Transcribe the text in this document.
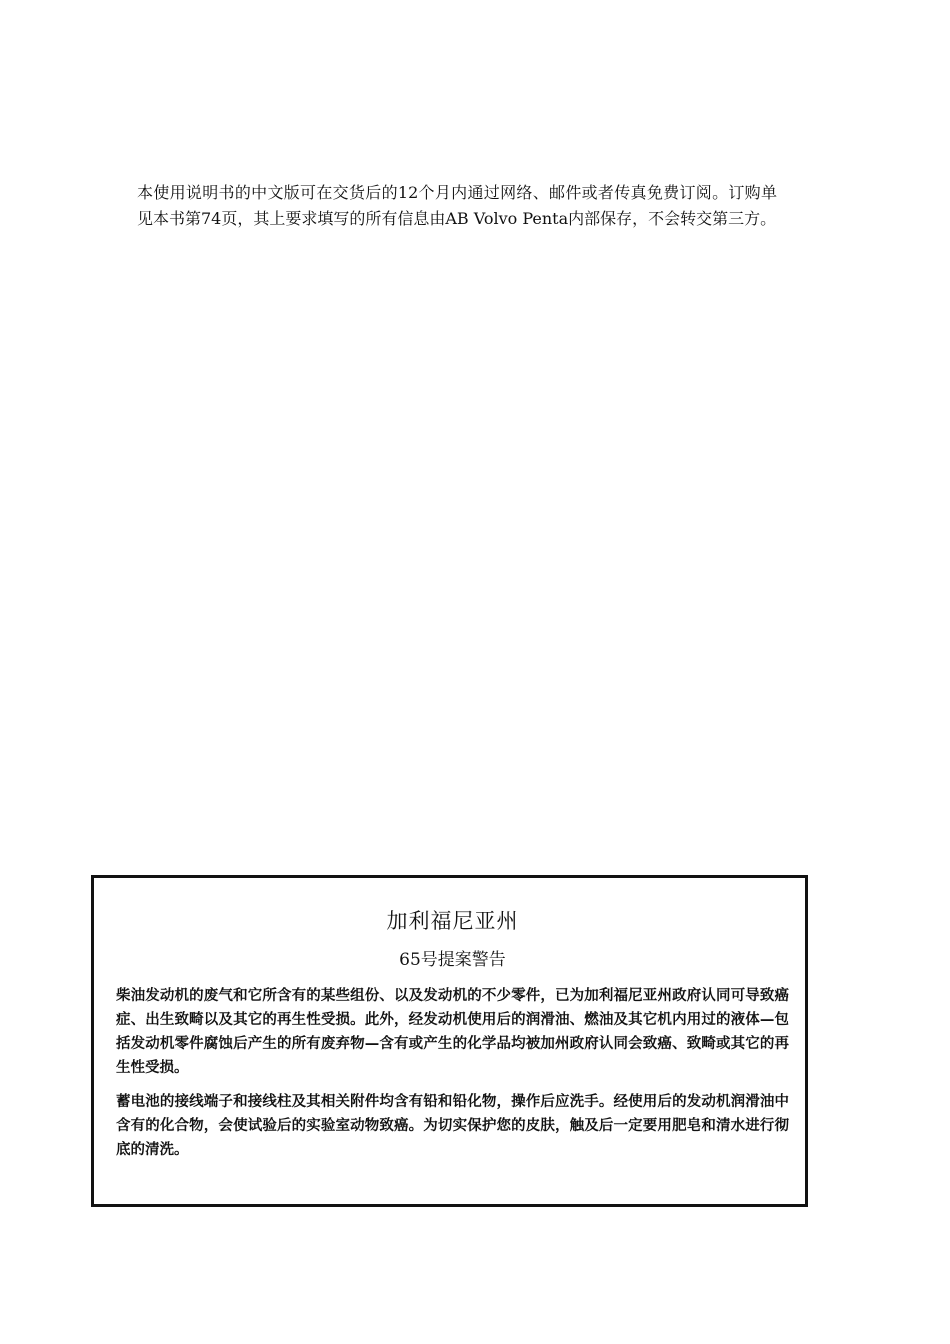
本使用说明书的中文版可在交货后的12个月内通过网络、邮件或者传真免费订阅。订购单见本书第74页，其上要求填写的所有信息由AB Volvo Penta内部保存，不会转交第三方。

加利福尼亚州
65号提案警告

柴油发动机的废气和它所含有的某些组份、以及发动机的不少零件，已为加利福尼亚州政府认同可导致癌症、出生致畸以及其它的再生性受损。此外，经发动机使用后的润滑油、燃油及其它机内用过的液体—包括发动机零件腐蚀后产生的所有废弃物—含有或产生的化学品均被加州政府认同会致癌、致畸或其它的再生性受损。

蓄电池的接线端子和接线柱及其相关附件均含有铅和铅化物，操作后应洗手。经使用后的发动机润滑油中含有的化合物，会使试验后的实验室动物致癌。为切实保护您的皮肤，触及后一定要用肥皂和清水进行彻底的清洗。
